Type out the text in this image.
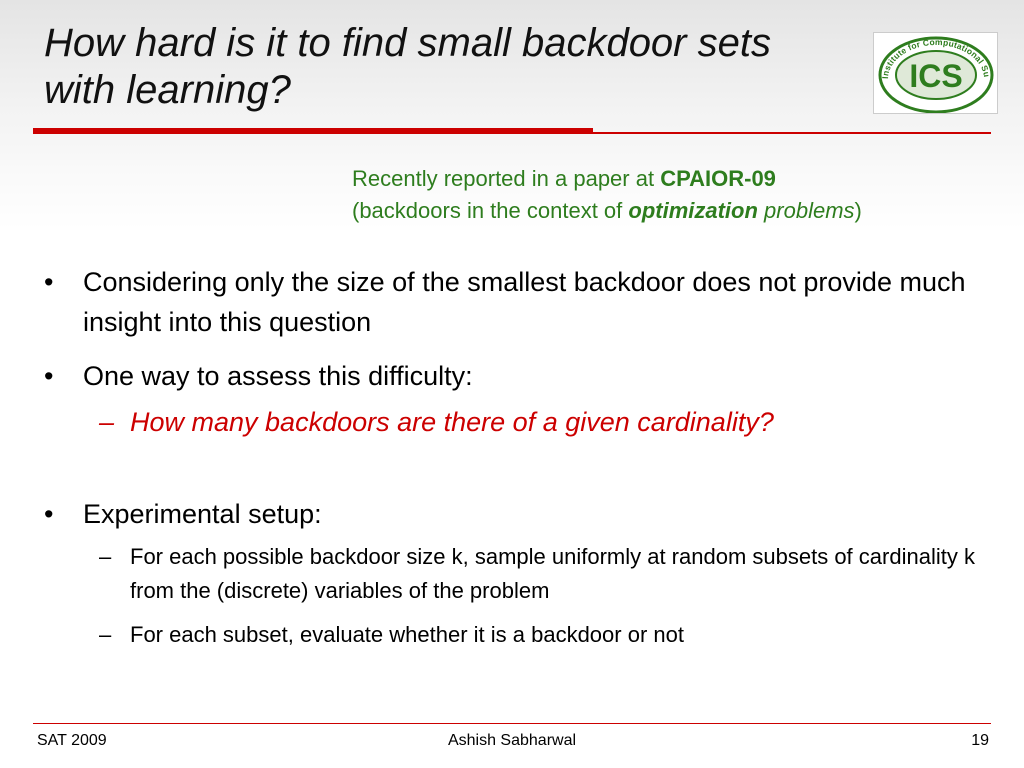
How hard is it to find small backdoor sets with learning?	Institute for Computational Su
ICS
Recently reported in a paper at CPAIOR-09
(backdoors in the context of optimization problems)
•	Considering only the size of the smallest backdoor does not provide much insight into this question
•	One way to assess this difficulty:
– How many backdoors are there of a given cardinality?
•	Experimental setup:
– For each possible backdoor size k, sample uniformly at random subsets of cardinality k from the (discrete) variables of the problem
– For each subset, evaluate whether it is a backdoor or not
SAT 2009	Ashish Sabharwal	19
